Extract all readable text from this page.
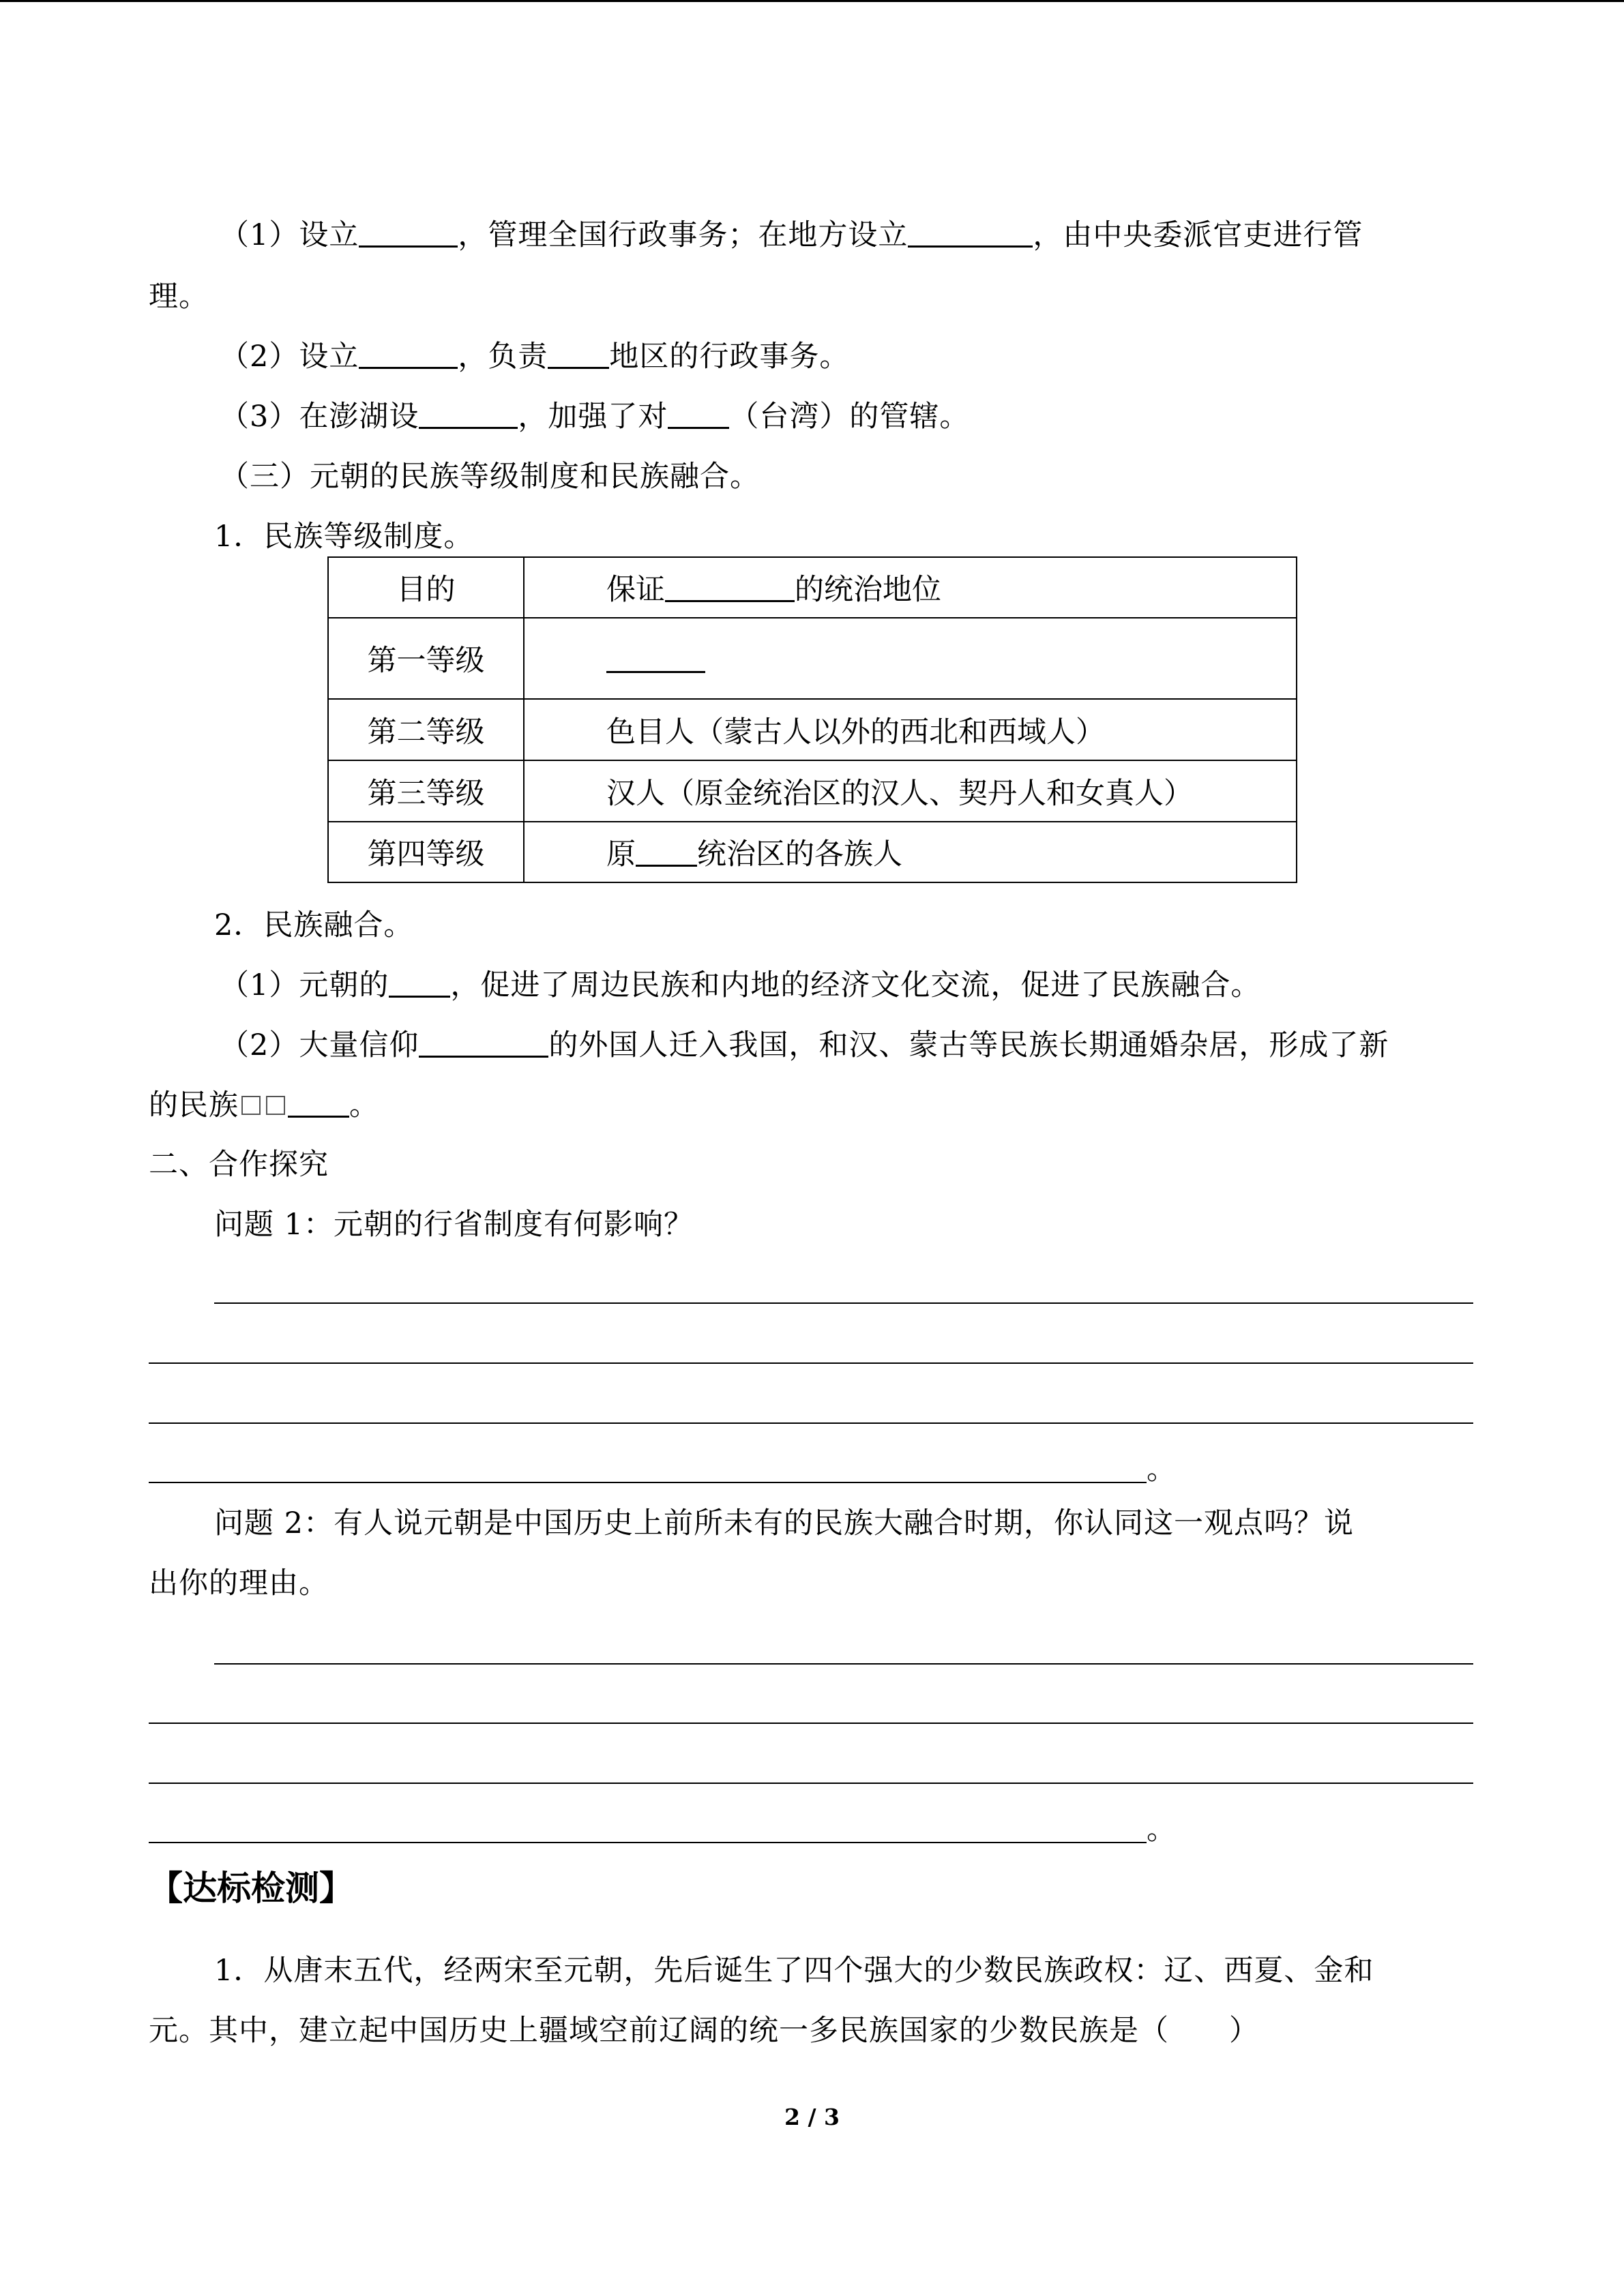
（1）设立	，管理全国行政事务；在地方设立	，由中央委派官吏进行管
理。
（2）设立	，负责 地区的行政事务。
（3）在澎湖设	，加强了对 （台湾）的管辖。
（三）元朝的民族等级制度和民族融合。
1．民族等级制度。
目的	保证 的统治地位
第一等级	
第二等级	色目人（蒙古人以外的西北和西域人）
第三等级	汉人（原金统治区的汉人、契丹人和女真人）
第四等级	原 统治区的各族人
2．民族融合。
（1）元朝的 ，促进了周边民族和内地的经济文化交流，促进了民族融合。
（2）大量信仰	的外国人迁入我国，和汉、蒙古等民族长期通婚杂居，形成了新
的民族	。
二、合作探究
问题 1：元朝的行省制度有何影响？
。
问题 2：有人说元朝是中国历史上前所未有的民族大融合时期，你认同这一观点吗？说
出你的理由。
。
【达标检测】
1．从唐末五代，经两宋至元朝，先后诞生了四个强大的少数民族政权：辽、西夏、金和
元。其中，建立起中国历史上疆域空前辽阔的统一多民族国家的少数民族是（　　）
2 / 3
